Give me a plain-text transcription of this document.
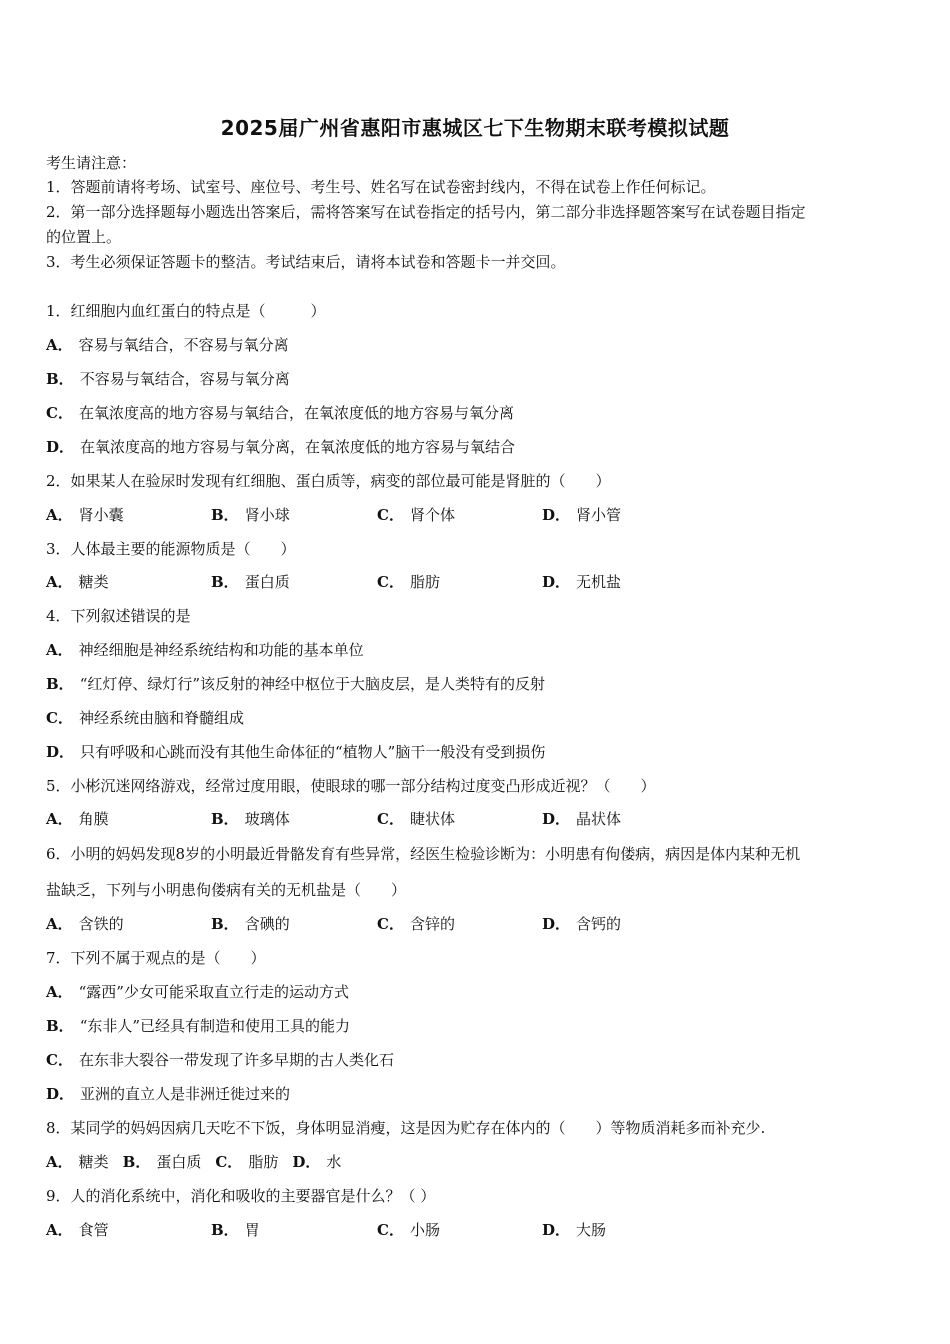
2025届广州省惠阳市惠城区七下生物期末联考模拟试题
考生请注意：
1．答题前请将考场、试室号、座位号、考生号、姓名写在试卷密封线内，不得在试卷上作任何标记。
2．第一部分选择题每小题选出答案后，需将答案写在试卷指定的括号内，第二部分非选择题答案写在试卷题目指定
的位置上。
3．考生必须保证答题卡的整洁。考试结束后，请将本试卷和答题卡一并交回。
1．红细胞内血红蛋白的特点是（　　　）
A． 容易与氧结合，不容易与氧分离
B． 不容易与氧结合，容易与氧分离
C． 在氧浓度高的地方容易与氧结合，在氧浓度低的地方容易与氧分离
D． 在氧浓度高的地方容易与氧分离，在氧浓度低的地方容易与氧结合
2．如果某人在验尿时发现有红细胞、蛋白质等，病变的部位最可能是肾脏的（　　）
A． 肾小囊	B． 肾小球	C． 肾个体	D． 肾小管
3．人体最主要的能源物质是（　　）
A． 糖类	B． 蛋白质	C． 脂肪	D． 无机盐
4．下列叙述错误的是
A． 神经细胞是神经系统结构和功能的基本单位
B． “红灯停、绿灯行”该反射的神经中枢位于大脑皮层，是人类特有的反射
C． 神经系统由脑和脊髓组成
D． 只有呼吸和心跳而没有其他生命体征的“植物人”脑干一般没有受到损伤
5．小彬沉迷网络游戏，经常过度用眼，使眼球的哪一部分结构过度变凸形成近视？（　　）
A． 角膜	B． 玻璃体	C． 睫状体	D． 晶状体
6．小明的妈妈发现8岁的小明最近骨骼发育有些异常，经医生检验诊断为：小明患有佝偻病，病因是体内某种无机
盐缺乏，下列与小明患佝偻病有关的无机盐是（　　）
A． 含铁的	B． 含碘的	C． 含锌的	D． 含钙的
7．下列不属于观点的是（　　）
A． “露西”少女可能采取直立行走的运动方式
B． “东非人”已经具有制造和使用工具的能力
C． 在东非大裂谷一带发现了许多早期的古人类化石
D． 亚洲的直立人是非洲迁徙过来的
8．某同学的妈妈因病几天吃不下饭，身体明显消瘦，这是因为贮存在体内的（　　）等物质消耗多而补充少.
A． 糖类 B． 蛋白质 C． 脂肪 D． 水
9．人的消化系统中，消化和吸收的主要器官是什么？（ ）
A． 食管	B． 胃	C． 小肠	D． 大肠
